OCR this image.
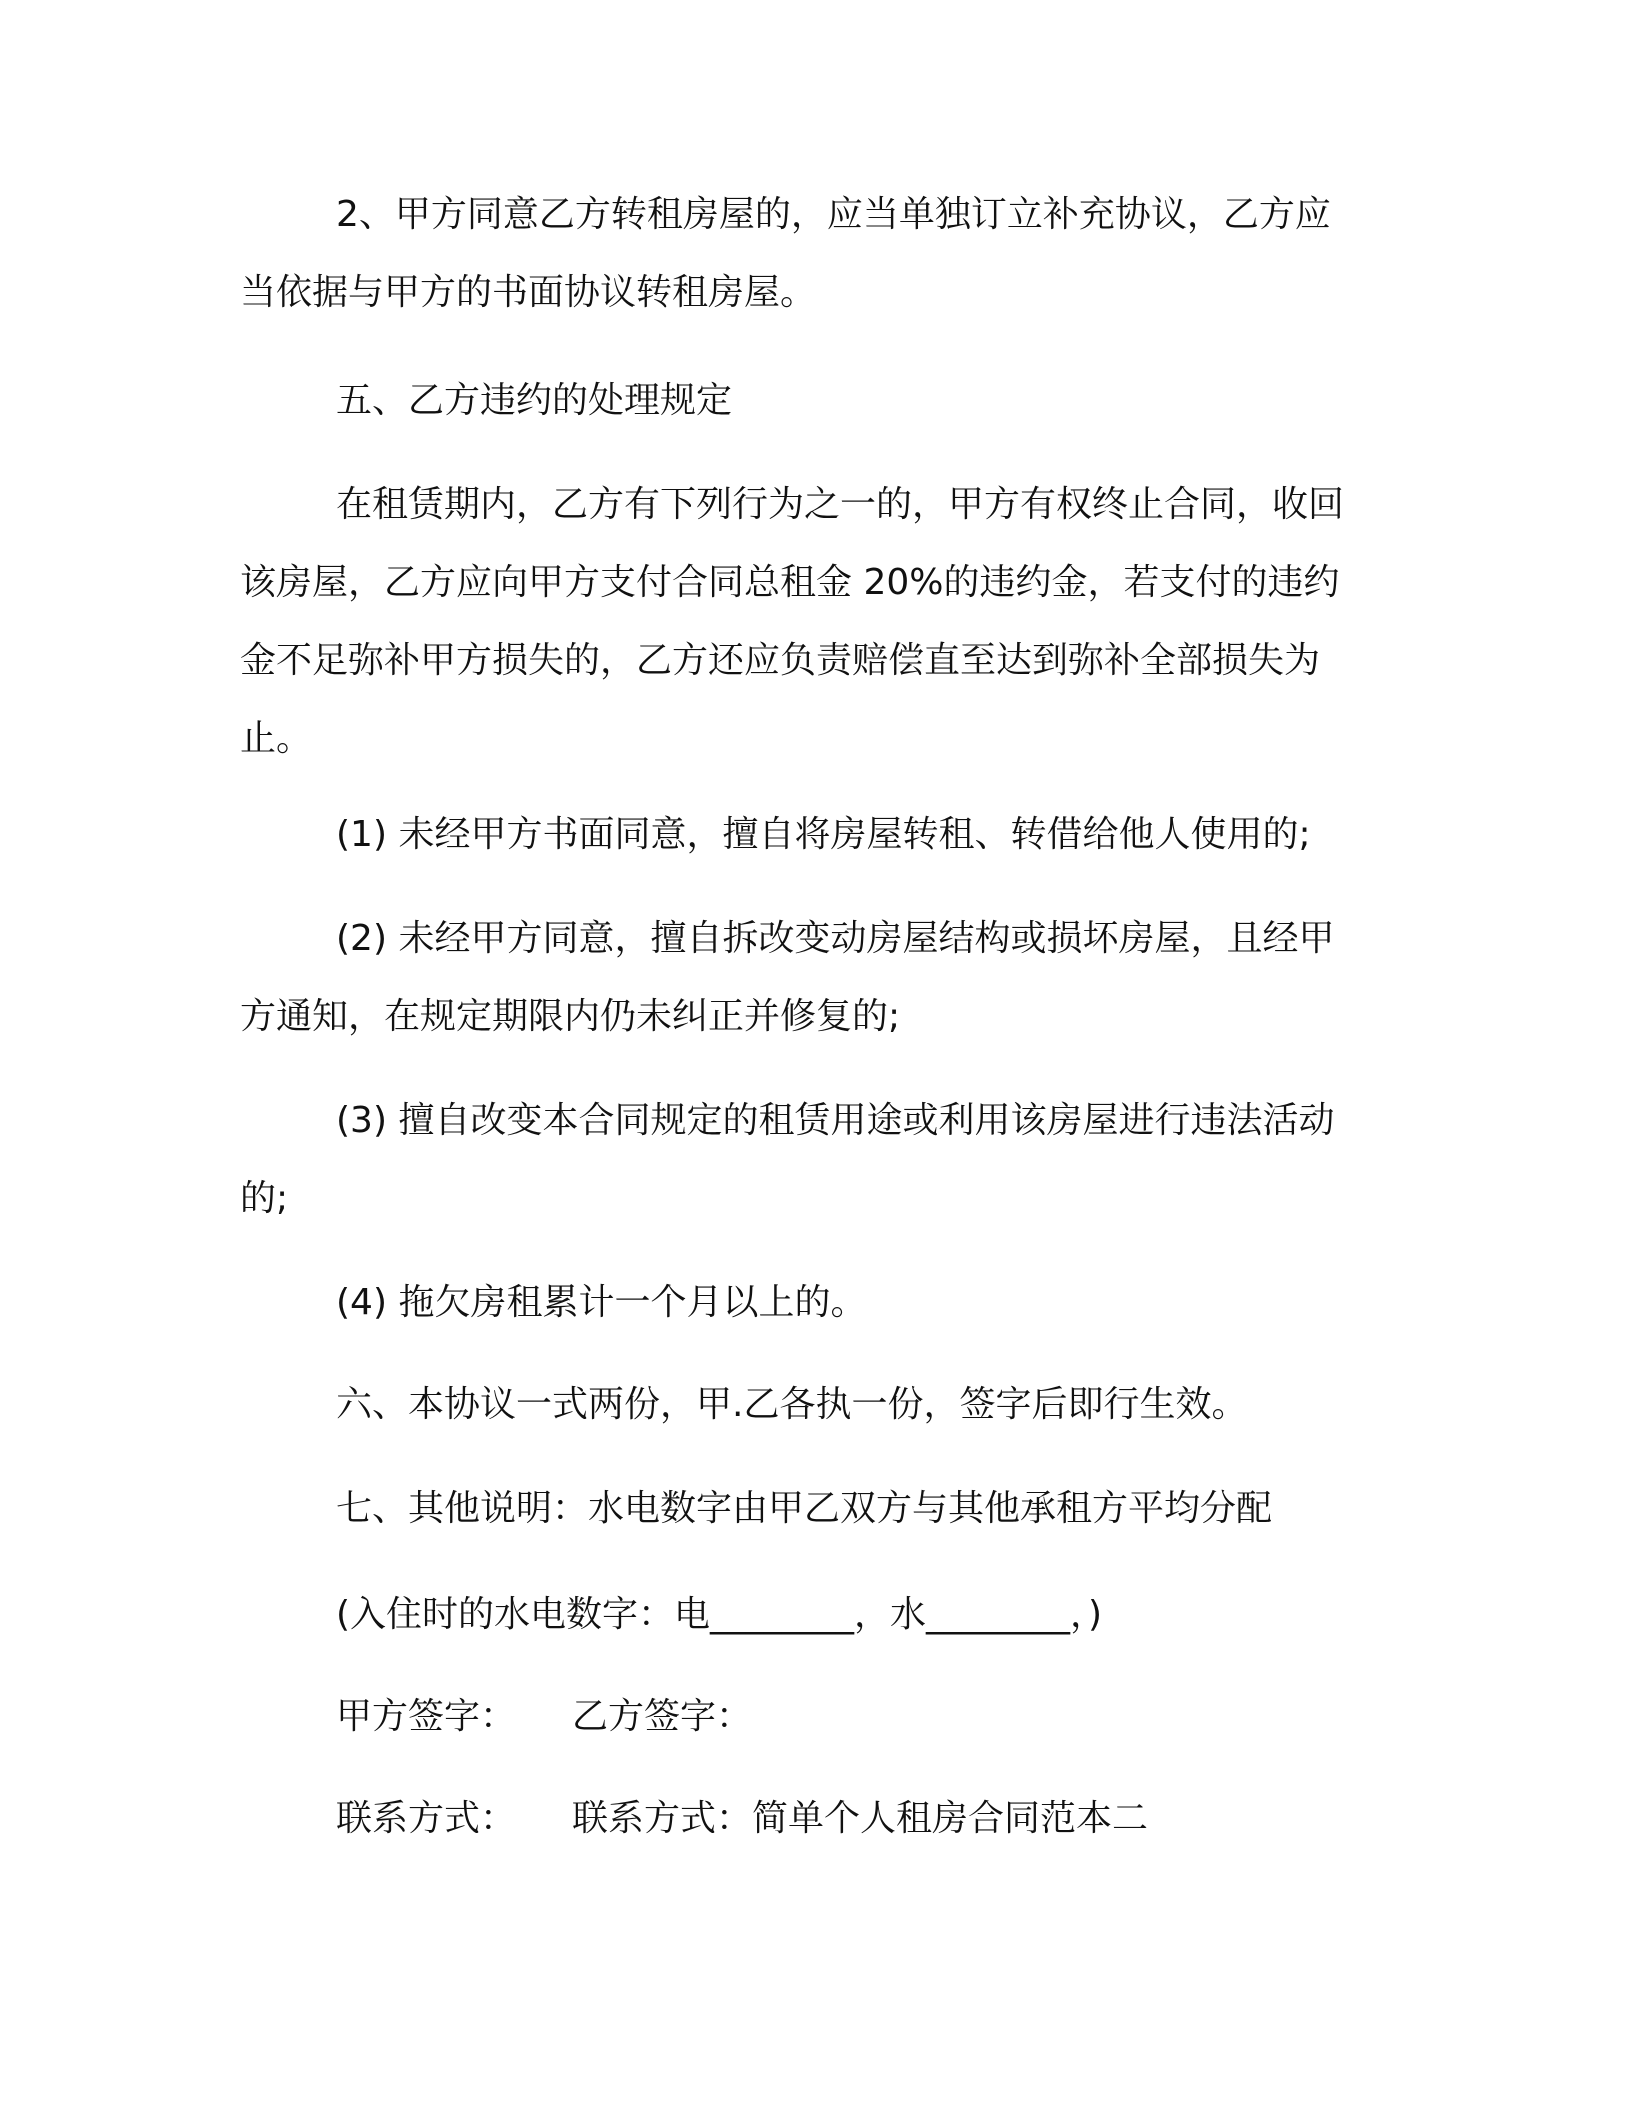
2、甲方同意乙方转租房屋的，应当单独订立补充协议，乙方应
当依据与甲方的书面协议转租房屋。
五、乙方违约的处理规定
在租赁期内，乙方有下列行为之一的，甲方有权终止合同，收回
该房屋，乙方应向甲方支付合同总租金 20%的违约金，若支付的违约
金不足弥补甲方损失的，乙方还应负责赔偿直至达到弥补全部损失为
止。
(1) 未经甲方书面同意，擅自将房屋转租、转借给他人使用的;
(2) 未经甲方同意，擅自拆改变动房屋结构或损坏房屋，且经甲
方通知，在规定期限内仍未纠正并修复的;
(3) 擅自改变本合同规定的租赁用途或利用该房屋进行违法活动
的;
(4) 拖欠房租累计一个月以上的。
六、本协议一式两份，甲.乙各执一份，签字后即行生效。
七、其他说明：水电数字由甲乙双方与其他承租方平均分配
(入住时的水电数字：电________，水________，)
甲方签字： 乙方签字：
联系方式： 联系方式：简单个人租房合同范本二
